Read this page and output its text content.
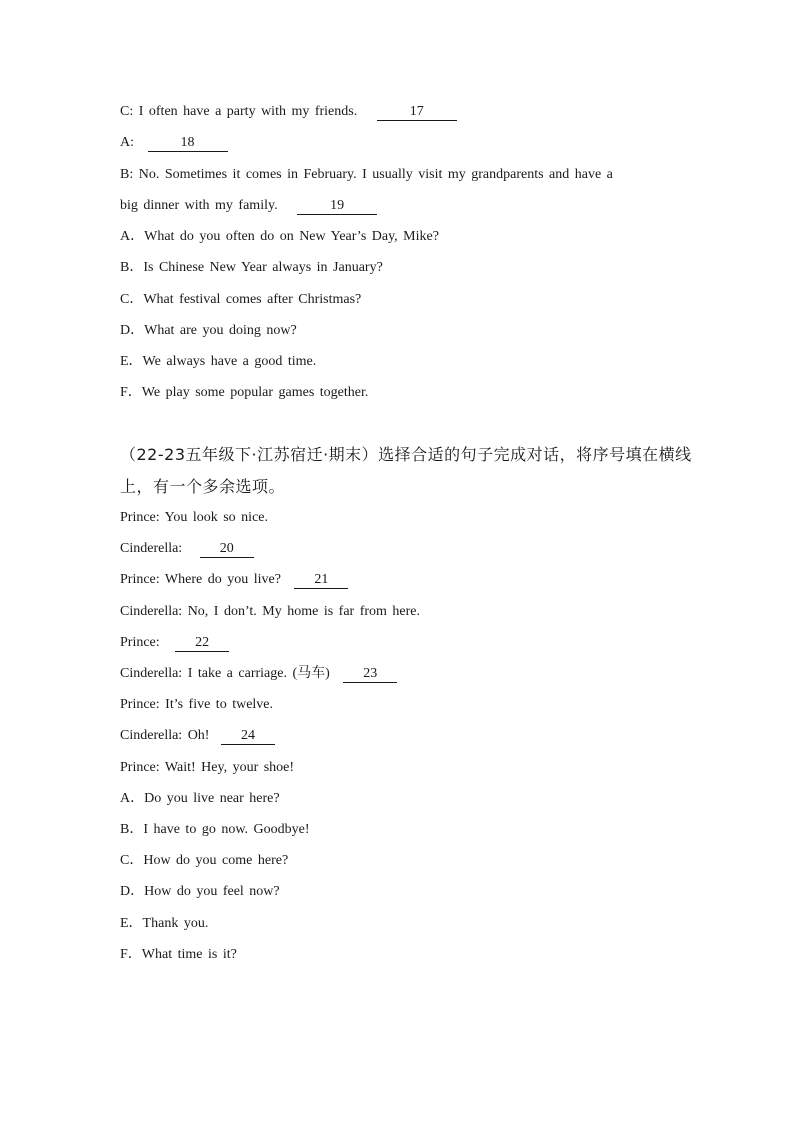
C: I often have a party with my friends.	17
A:	18
B: No. Sometimes it comes in February. I usually visit my grandparents and have a
big dinner with my family.	19
A．What do you often do on New Year’s Day, Mike?
B．Is Chinese New Year always in January?
C．What festival comes after Christmas?
D．What are you doing now?
E．We always have a good time.
F．We play some popular games together.
（22-23五年级下·江苏宿迁·期末）选择合适的句子完成对话，将序号填在横线
上，有一个多余选项。
Prince: You look so nice.
Cinderella:	20
Prince: Where do you live? 21
Cinderella: No, I don’t. My home is far from here.
Prince:	22
Cinderella: I take a carriage. (马车) 23
Prince: It’s five to twelve.
Cinderella: Oh! 24
Prince: Wait! Hey, your shoe!
A．Do you live near here?
B．I have to go now. Goodbye!
C．How do you come here?
D．How do you feel now?
E．Thank you.
F．What time is it?
